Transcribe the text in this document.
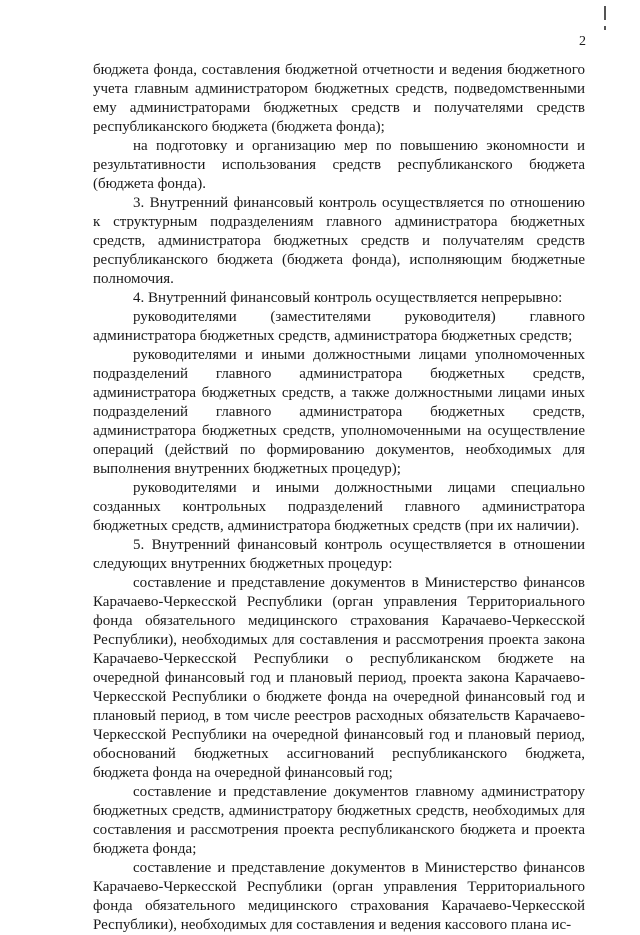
2

бюджета фонда, составления бюджетной отчетности и ведения бюджетного учета главным администратором бюджетных средств, подведомственными ему администраторами бюджетных средств и получателями средств республиканского бюджета (бюджета фонда);

на подготовку и организацию мер по повышению экономности и результативности использования средств республиканского бюджета (бюджета фонда).

3. Внутренний финансовый контроль осуществляется по отношению к структурным подразделениям главного администратора бюджетных средств, администратора бюджетных средств и получателям средств республиканского бюджета (бюджета фонда), исполняющим бюджетные полномочия.

4. Внутренний финансовый контроль осуществляется непрерывно:

руководителями (заместителями руководителя) главного администратора бюджетных средств, администратора бюджетных средств;

руководителями и иными должностными лицами уполномоченных подразделений главного администратора бюджетных средств, администратора бюджетных средств, а также должностными лицами иных подразделений главного администратора бюджетных средств, администратора бюджетных средств, уполномоченными на осуществление операций (действий по формированию документов, необходимых для выполнения внутренних бюджетных процедур);

руководителями и иными должностными лицами специально созданных контрольных подразделений главного администратора бюджетных средств, администратора бюджетных средств (при их наличии).

5. Внутренний финансовый контроль осуществляется в отношении следующих внутренних бюджетных процедур:

составление и представление документов в Министерство финансов Карачаево-Черкесской Республики (орган управления Территориального фонда обязательного медицинского страхования Карачаево-Черкесской Республики), необходимых для составления и рассмотрения проекта закона Карачаево-Черкесской Республики о республиканском бюджете на очередной финансовый год и плановый период, проекта закона Карачаево-Черкесской Республики о бюджете фонда на очередной финансовый год и плановый период, в том числе реестров расходных обязательств Карачаево-Черкесской Республики на очередной финансовый год и плановый период, обоснований бюджетных ассигнований республиканского бюджета, бюджета фонда на очередной финансовый год;

составление и представление документов главному администратору бюджетных средств, администратору бюджетных средств, необходимых для составления и рассмотрения проекта республиканского бюджета и проекта бюджета фонда;

составление и представление документов в Министерство финансов Карачаево-Черкесской Республики (орган управления Территориального фонда обязательного медицинского страхования Карачаево-Черкесской Республики), необходимых для составления и ведения кассового плана ис-
